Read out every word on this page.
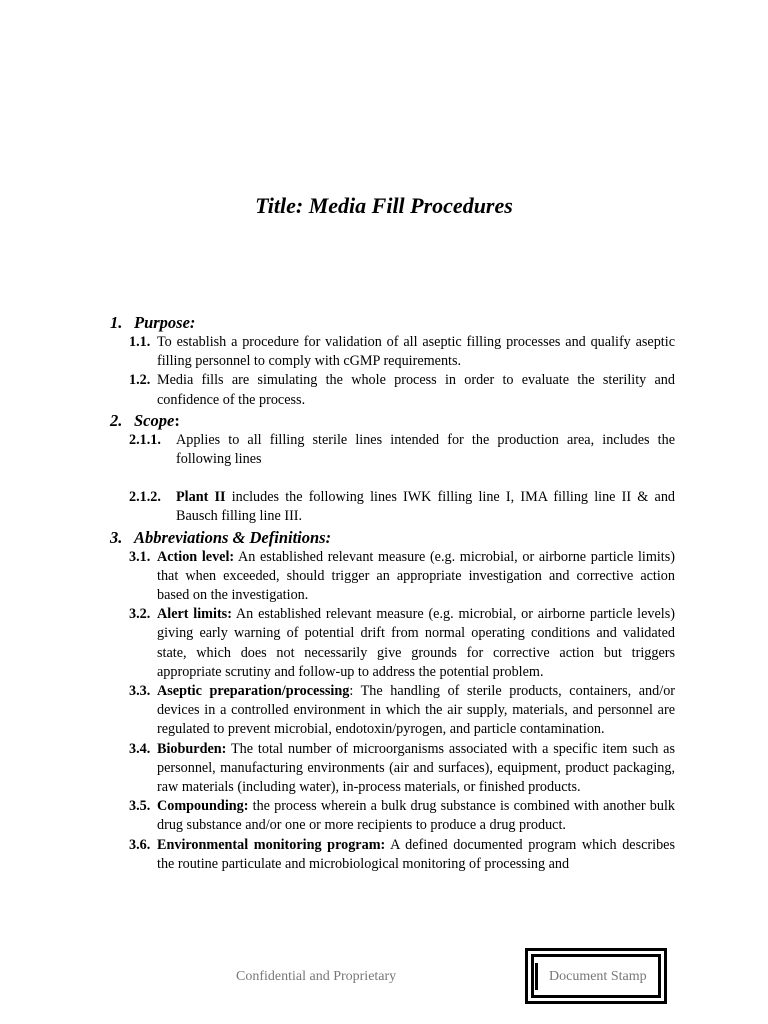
Title: Media Fill Procedures
1. Purpose:
1.1. To establish a procedure for validation of all aseptic filling processes and qualify aseptic filling personnel to comply with cGMP requirements.
1.2. Media fills are simulating the whole process in order to evaluate the sterility and confidence of the process.
2. Scope:
2.1.1. Applies to all filling sterile lines intended for the production area, includes the following lines
2.1.2. Plant II includes the following lines IWK filling line I, IMA filling line II & and Bausch filling line III.
3. Abbreviations & Definitions:
3.1. Action level: An established relevant measure (e.g. microbial, or airborne particle limits) that when exceeded, should trigger an appropriate investigation and corrective action based on the investigation.
3.2. Alert limits: An established relevant measure (e.g. microbial, or airborne particle levels) giving early warning of potential drift from normal operating conditions and validated state, which does not necessarily give grounds for corrective action but triggers appropriate scrutiny and follow-up to address the potential problem.
3.3. Aseptic preparation/processing: The handling of sterile products, containers, and/or devices in a controlled environment in which the air supply, materials, and personnel are regulated to prevent microbial, endotoxin/pyrogen, and particle contamination.
3.4. Bioburden: The total number of microorganisms associated with a specific item such as personnel, manufacturing environments (air and surfaces), equipment, product packaging, raw materials (including water), in-process materials, or finished products.
3.5. Compounding: the process wherein a bulk drug substance is combined with another bulk drug substance and/or one or more recipients to produce a drug product.
3.6. Environmental monitoring program: A defined documented program which describes the routine particulate and microbiological monitoring of processing and
Confidential and Proprietary	Document Stamp
